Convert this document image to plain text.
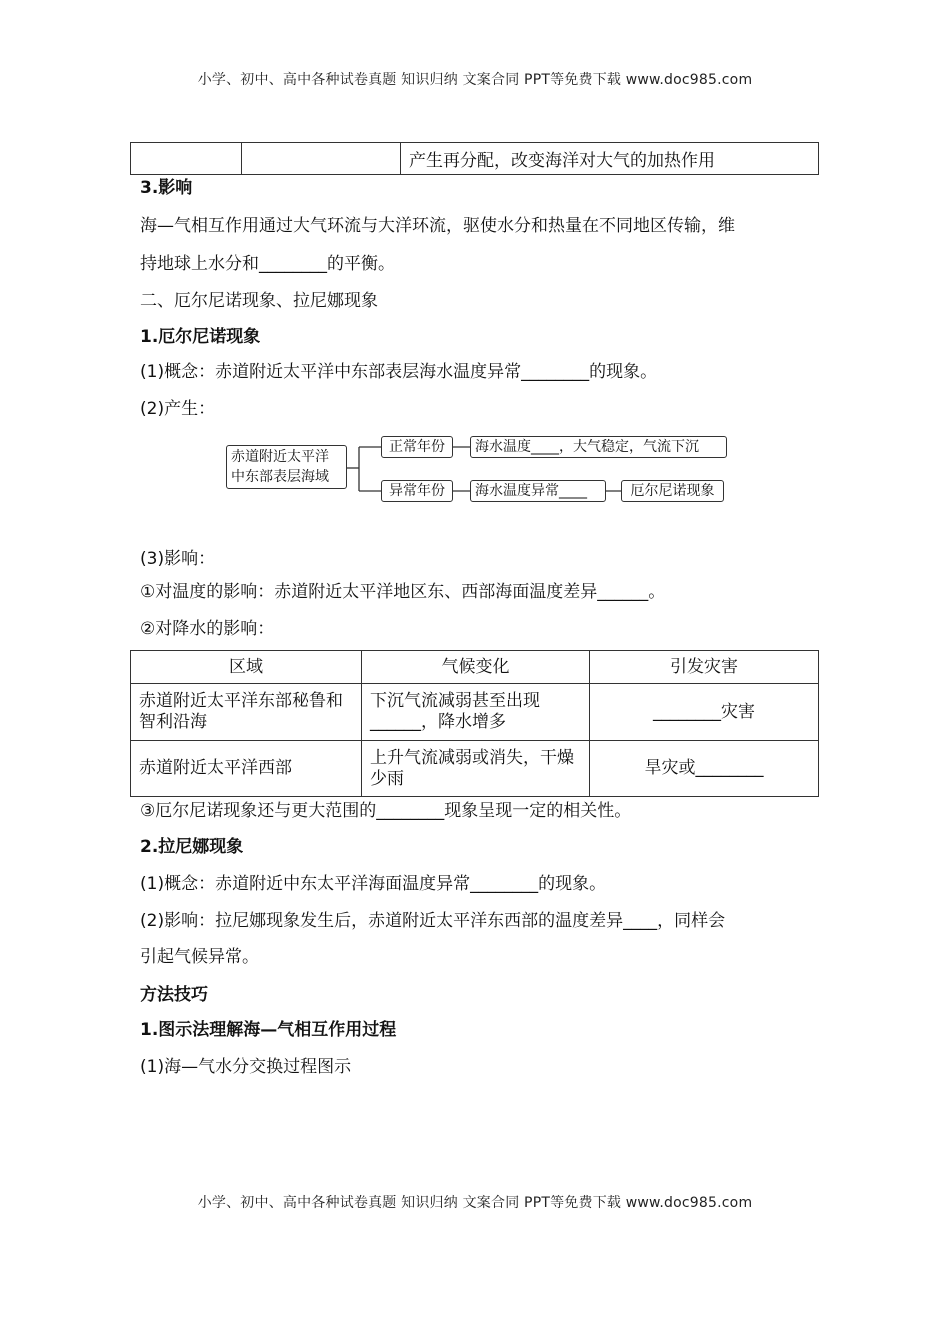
小学、初中、高中各种试卷真题 知识归纳 文案合同 PPT等免费下载 www.doc985.com
		产生再分配，改变海洋对大气的加热作用
3.影响
海—气相互作用通过大气环流与大洋环流，驱使水分和热量在不同地区传输，维
持地球上水分和________的平衡。
二、厄尔尼诺现象、拉尼娜现象
1.厄尔尼诺现象
(1)概念：赤道附近太平洋中东部表层海水温度异常________的现象。
(2)产生：
赤道附近太平洋
中东部表层海域
正常年份	海水温度____，大气稳定，气流下沉
异常年份	海水温度异常____	厄尔尼诺现象
(3)影响：
①对温度的影响：赤道附近太平洋地区东、西部海面温度差异______。
②对降水的影响：
区域	气候变化	引发灾害
赤道附近太平洋东部秘鲁和智利沿海	下沉气流减弱甚至出现______，降水增多	________灾害
赤道附近太平洋西部	上升气流减弱或消失，干燥少雨	旱灾或________
③厄尔尼诺现象还与更大范围的________现象呈现一定的相关性。
2.拉尼娜现象
(1)概念：赤道附近中东太平洋海面温度异常________的现象。
(2)影响：拉尼娜现象发生后，赤道附近太平洋东西部的温度差异____，同样会
引起气候异常。
方法技巧
1.图示法理解海—气相互作用过程
(1)海—气水分交换过程图示
小学、初中、高中各种试卷真题 知识归纳 文案合同 PPT等免费下载 www.doc985.com
